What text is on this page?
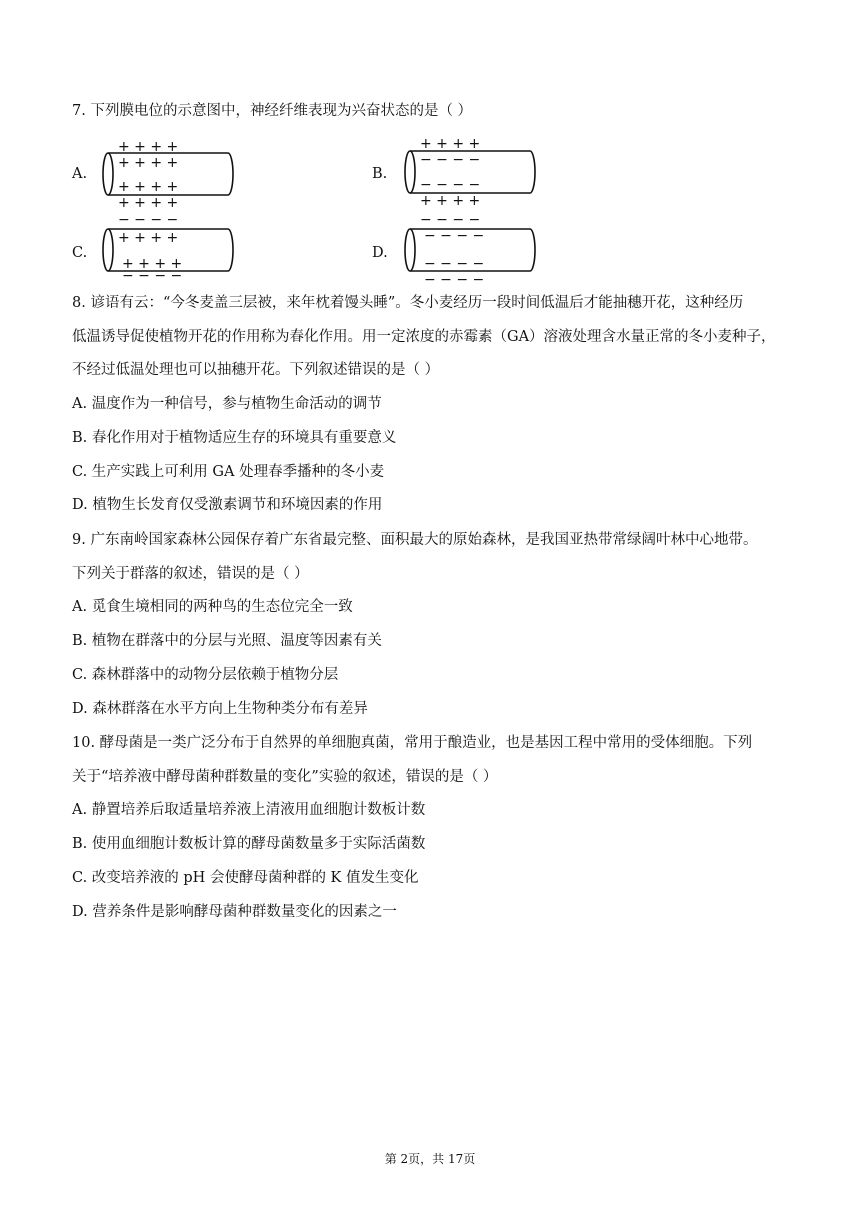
7. 下列膜电位的示意图中，神经纤维表现为兴奋状态的是（ ）
A.
+ + + +
+ + + +
+ + + +
+ + + +
− − − −
B.
+ + + +
− − − −
− − − −
+ + + +
− − − −
C.
+ + + +
+ + + +
− − − −
D.
− − − −
− − − −
− − − −
8. 谚语有云：“今冬麦盖三层被，来年枕着馒头睡”。冬小麦经历一段时间低温后才能抽穗开花，这种经历
低温诱导促使植物开花的作用称为春化作用。用一定浓度的赤霉素（GA）溶液处理含水量正常的冬小麦种子，
不经过低温处理也可以抽穗开花。下列叙述错误的是（ ）
A. 温度作为一种信号，参与植物生命活动的调节
B. 春化作用对于植物适应生存的环境具有重要意义
C. 生产实践上可利用 GA 处理春季播种的冬小麦
D. 植物生长发育仅受激素调节和环境因素的作用
9. 广东南岭国家森林公园保存着广东省最完整、面积最大的原始森林，是我国亚热带常绿阔叶林中心地带。
下列关于群落的叙述，错误的是（ ）
A. 觅食生境相同的两种鸟的生态位完全一致
B. 植物在群落中的分层与光照、温度等因素有关
C. 森林群落中的动物分层依赖于植物分层
D. 森林群落在水平方向上生物种类分布有差异
10. 酵母菌是一类广泛分布于自然界的单细胞真菌，常用于酿造业，也是基因工程中常用的受体细胞。下列
关于“培养液中酵母菌种群数量的变化”实验的叙述，错误的是（ ）
A. 静置培养后取适量培养液上清液用血细胞计数板计数
B. 使用血细胞计数板计算的酵母菌数量多于实际活菌数
C. 改变培养液的 pH 会使酵母菌种群的 K 值发生变化
D. 营养条件是影响酵母菌种群数量变化的因素之一
第 2页，共 17页
